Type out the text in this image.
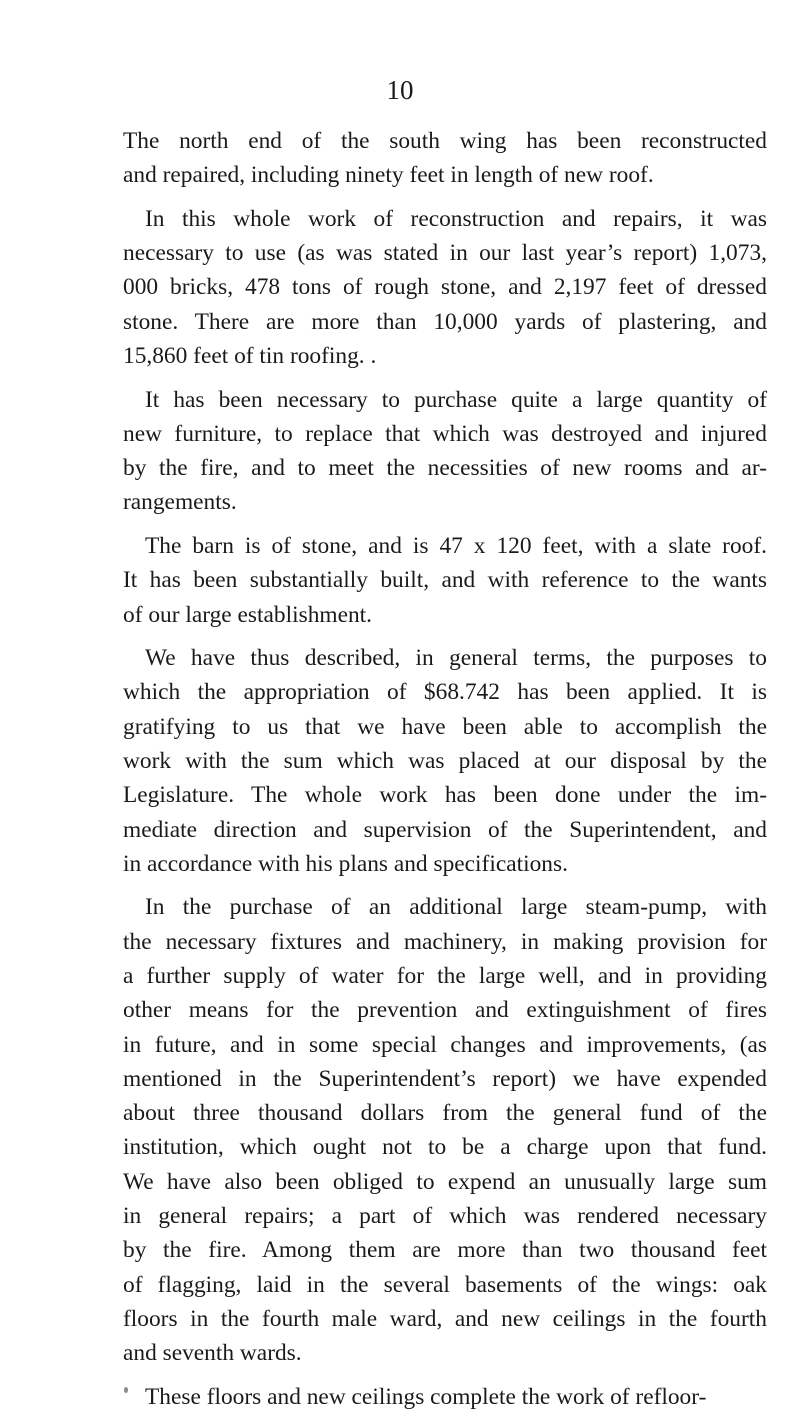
10
The north end of the south wing has been reconstructed
and repaired, including ninety feet in length of new roof.
In this whole work of reconstruction and repairs, it was
necessary to use (as was stated in our last year’s report) 1,073,
000 bricks, 478 tons of rough stone, and 2,197 feet of dressed
stone. There are more than 10,000 yards of plastering, and
15,860 feet of tin roofing. .
It has been necessary to purchase quite a large quantity of
new furniture, to replace that which was destroyed and injured
by the fire, and to meet the necessities of new rooms and ar-
rangements.
The barn is of stone, and is 47 x 120 feet, with a slate roof.
It has been substantially built, and with reference to the wants
of our large establishment.
We have thus described, in general terms, the purposes to
which the appropriation of $68.742 has been applied. It is
gratifying to us that we have been able to accomplish the
work with the sum which was placed at our disposal by the
Legislature. The whole work has been done under the im-
mediate direction and supervision of the Superintendent, and
in accordance with his plans and specifications.
In the purchase of an additional large steam-pump, with
the necessary fixtures and machinery, in making provision for
a further supply of water for the large well, and in providing
other means for the prevention and extinguishment of fires
in future, and in some special changes and improvements, (as
mentioned in the Superintendent’s report) we have expended
about three thousand dollars from the general fund of the
institution, which ought not to be a charge upon that fund.
We have also been obliged to expend an unusually large sum
in general repairs; a part of which was rendered necessary
by the fire. Among them are more than two thousand feet
of flagging, laid in the several basements of the wings: oak
floors in the fourth male ward, and new ceilings in the fourth
and seventh wards.
These floors and new ceilings complete the work of refloor-
